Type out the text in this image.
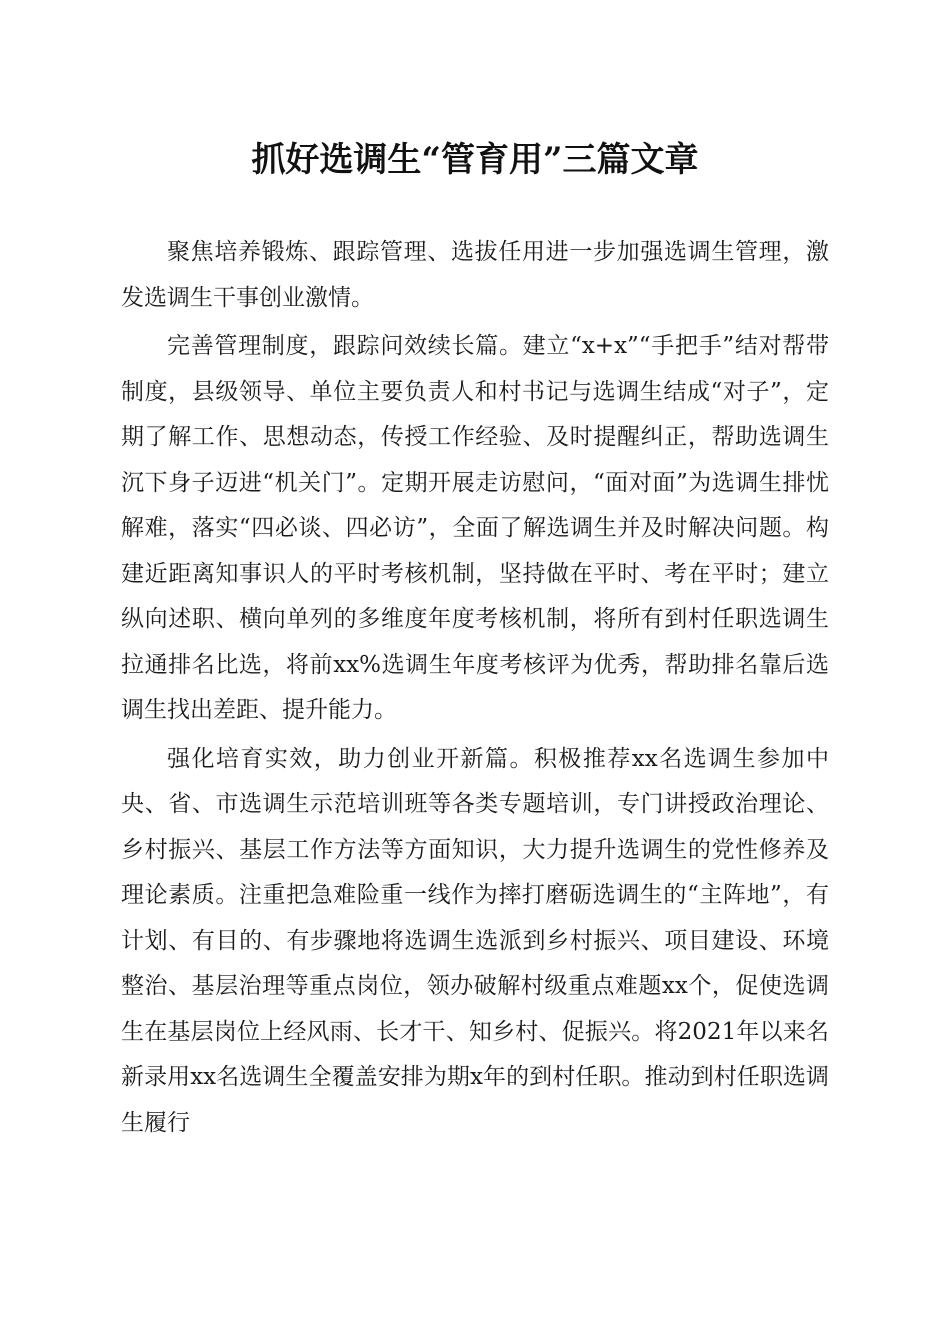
抓好选调生“管育用”三篇文章

聚焦培养锻炼、跟踪管理、选拔任用进一步加强选调生管理，激发选调生干事创业激情。

完善管理制度，跟踪问效续长篇。建立“x+x”“手把手”结对帮带制度，县级领导、单位主要负责人和村书记与选调生结成“对子”，定期了解工作、思想动态，传授工作经验、及时提醒纠正，帮助选调生沉下身子迈进“机关门”。定期开展走访慰问，“面对面”为选调生排忧解难，落实“四必谈、四必访”，全面了解选调生并及时解决问题。构建近距离知事识人的平时考核机制，坚持做在平时、考在平时；建立纵向述职、横向单列的多维度年度考核机制，将所有到村任职选调生拉通排名比选，将前xx%选调生年度考核评为优秀，帮助排名靠后选调生找出差距、提升能力。

强化培育实效，助力创业开新篇。积极推荐xx名选调生参加中央、省、市选调生示范培训班等各类专题培训，专门讲授政治理论、乡村振兴、基层工作方法等方面知识，大力提升选调生的党性修养及理论素质。注重把急难险重一线作为摔打磨砺选调生的“主阵地”，有计划、有目的、有步骤地将选调生选派到乡村振兴、项目建设、环境整治、基层治理等重点岗位，领办破解村级重点难题xx个，促使选调生在基层岗位上经风雨、长才干、知乡村、促振兴。将2021年以来名新录用xx名选调生全覆盖安排为期x年的到村任职。推动到村任职选调生履行
